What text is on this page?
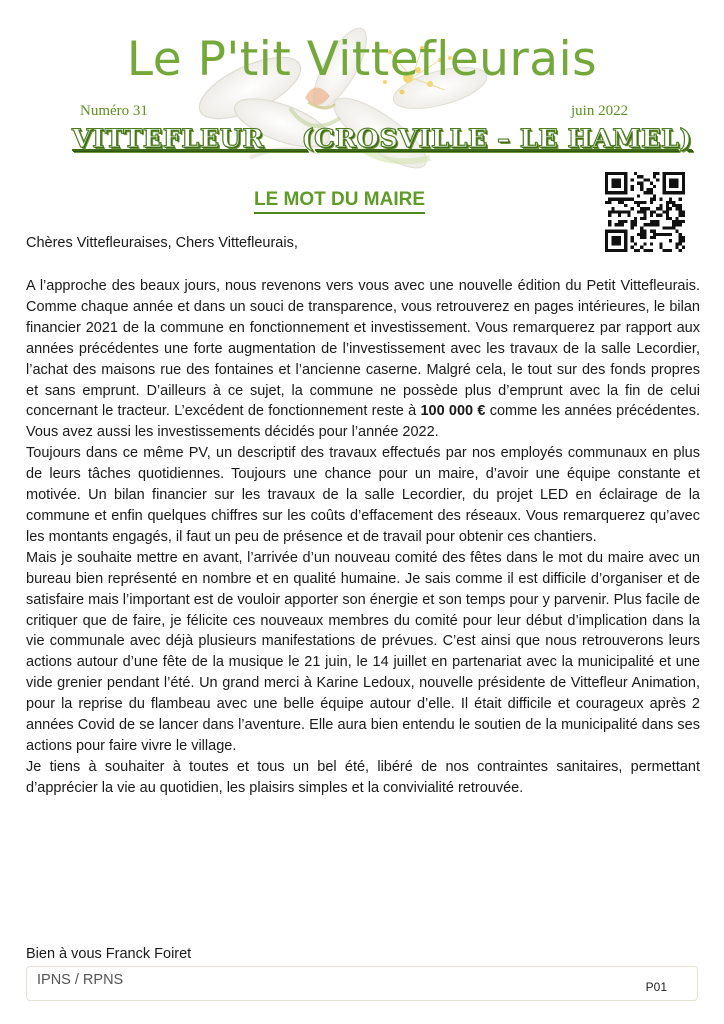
Le P'tit Vittefleurais
Numéro 31	juin 2022
VITTEFLEUR    (CROSVILLE – LE HAMEL)
LE MOT DU MAIRE
Chères Vittefleuraises, Chers Vittefleurais,

A l’approche des beaux jours, nous revenons vers vous avec une nouvelle édition du Petit Vittefleurais. Comme chaque année et dans un souci de transparence, vous retrouverez en pages intérieures, le bilan financier 2021 de la commune en fonctionnement et investissement. Vous remarquerez par rapport aux années précédentes une forte augmentation de l’investissement avec les travaux de la salle Lecordier, l’achat des maisons rue des fontaines et l’ancienne caserne. Malgré cela, le tout sur des fonds propres et sans emprunt. D’ailleurs à ce sujet, la commune ne possède plus d’emprunt avec la fin de celui concernant le tracteur. L’excédent de fonctionnement reste à 100 000 € comme les années précédentes. Vous avez aussi les investissements décidés pour l’année 2022.

Toujours dans ce même PV, un descriptif des travaux effectués par nos employés communaux en plus de leurs tâches quotidiennes. Toujours une chance pour un maire, d’avoir une équipe constante et motivée. Un bilan financier sur les travaux de la salle Lecordier, du projet LED en éclairage de la commune et enfin quelques chiffres sur les coûts d’effacement des réseaux. Vous remarquerez qu’avec les montants engagés, il faut un peu de présence et de travail pour obtenir ces chantiers.

Mais je souhaite mettre en avant, l’arrivée d’un nouveau comité des fêtes dans le mot du maire avec un bureau bien représenté en nombre et en qualité humaine. Je sais comme il est difficile d’organiser et de satisfaire mais l’important est de vouloir apporter son énergie et son temps pour y parvenir. Plus facile de critiquer que de faire, je félicite ces nouveaux membres du comité pour leur début d’implication dans la vie communale avec déjà plusieurs manifestations de prévues. C’est ainsi que nous retrouverons leurs actions autour d’une fête de la musique le 21 juin, le 14 juillet en partenariat avec la municipalité et une vide grenier pendant l’été. Un grand merci à Karine Ledoux, nouvelle présidente de Vittefleur Animation, pour la reprise du flambeau avec une belle équipe autour d’elle. Il était difficile et courageux après 2 années Covid de se lancer dans l’aventure. Elle aura bien entendu le soutien de la municipalité dans ses actions pour faire vivre le village.

Je tiens à souhaiter à toutes et tous un bel été, libéré de nos contraintes sanitaires, permettant d’apprécier la vie au quotidien, les plaisirs simples et la convivialité retrouvée.

Bien à vous Franck Foiret
IPNS / RPNS	P01
